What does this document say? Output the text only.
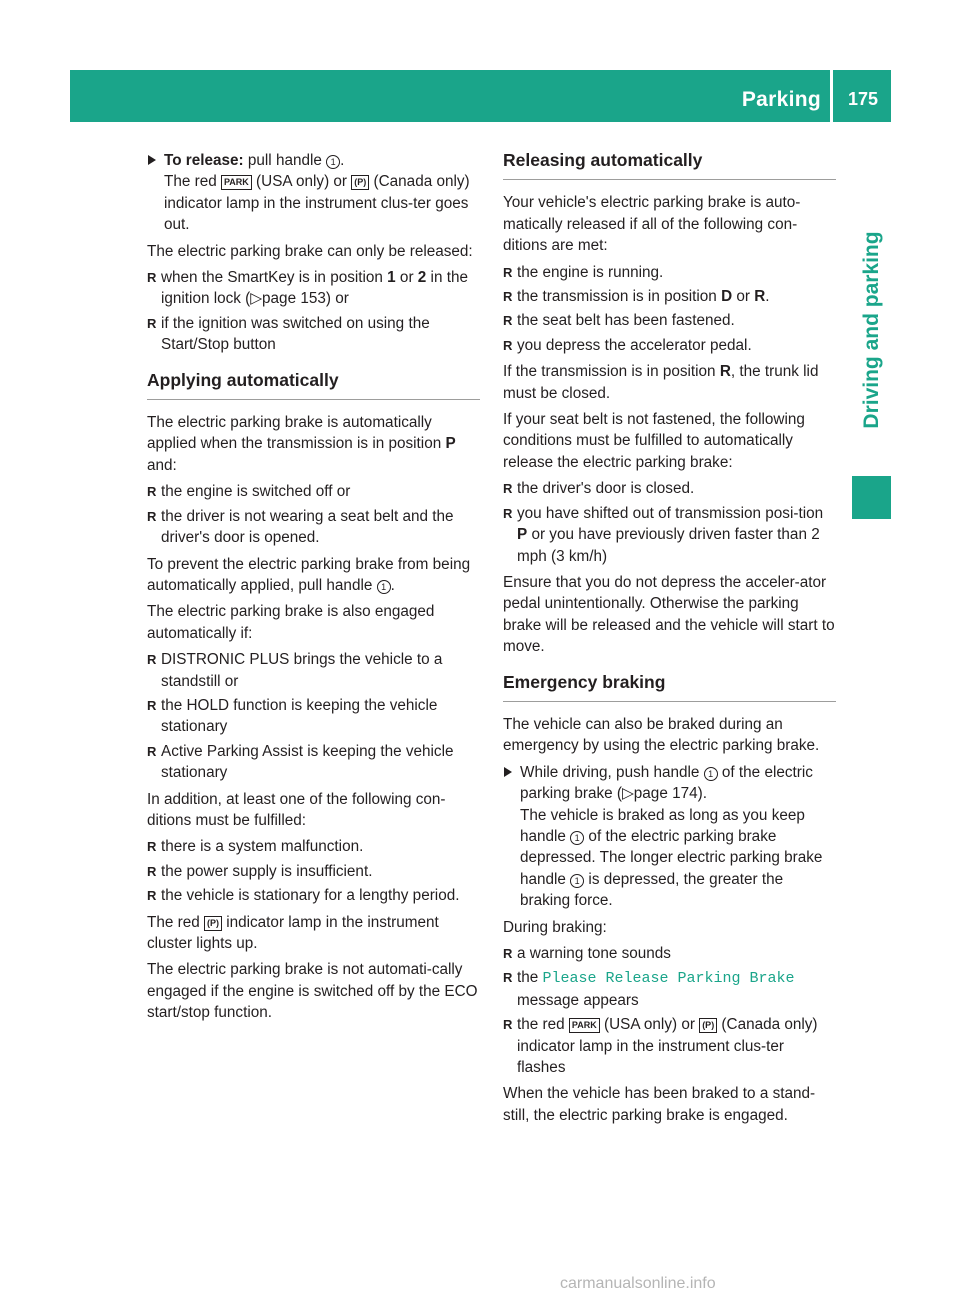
Parking	175
Driving and parking
To release: pull handle 1 .
The red PARK (USA only) or (P) (Canada only) indicator lamp in the instrument clus-ter goes out.

The electric parking brake can only be released:

R when the SmartKey is in position 1 or 2 in the ignition lock (▷page 153) or
R if the ignition was switched on using the Start/Stop button
Applying automatically

The electric parking brake is automatically applied when the transmission is in position P and:

R the engine is switched off or
R the driver is not wearing a seat belt and the driver's door is opened.

To prevent the electric parking brake from being automatically applied, pull handle 1 .

The electric parking brake is also engaged automatically if:

R DISTRONIC PLUS brings the vehicle to a standstill or
R the HOLD function is keeping the vehicle stationary
R Active Parking Assist is keeping the vehicle stationary

In addition, at least one of the following con-ditions must be fulfilled:

R there is a system malfunction.
R the power supply is insufficient.
R the vehicle is stationary for a lengthy period.

The red (P) indicator lamp in the instrument cluster lights up.

The electric parking brake is not automati-cally engaged if the engine is switched off by the ECO start/stop function.

Releasing automatically

Your vehicle's electric parking brake is auto-matically released if all of the following con-ditions are met:

R the engine is running.
R the transmission is in position D or R.
R the seat belt has been fastened.
R you depress the accelerator pedal.

If the transmission is in position R, the trunk lid must be closed.

If your seat belt is not fastened, the following conditions must be fulfilled to automatically release the electric parking brake:

R the driver's door is closed.
R you have shifted out of transmission posi-tion P or you have previously driven faster than 2 mph (3 km/h)

Ensure that you do not depress the acceler-ator pedal unintentionally. Otherwise the parking brake will be released and the vehicle will start to move.

Emergency braking

The vehicle can also be braked during an emergency by using the electric parking brake.

While driving, push handle 1 of the electric parking brake (▷page 174).
The vehicle is braked as long as you keep handle 1 of the electric parking brake depressed. The longer electric parking brake handle 1 is depressed, the greater the braking force.

During braking:

R a warning tone sounds
R the Please Release Parking Brake
message appears
R the red PARK (USA only) or (P) (Canada only) indicator lamp in the instrument clus-ter flashes

When the vehicle has been braked to a stand-still, the electric parking brake is engaged.

carmanualsonline.info
